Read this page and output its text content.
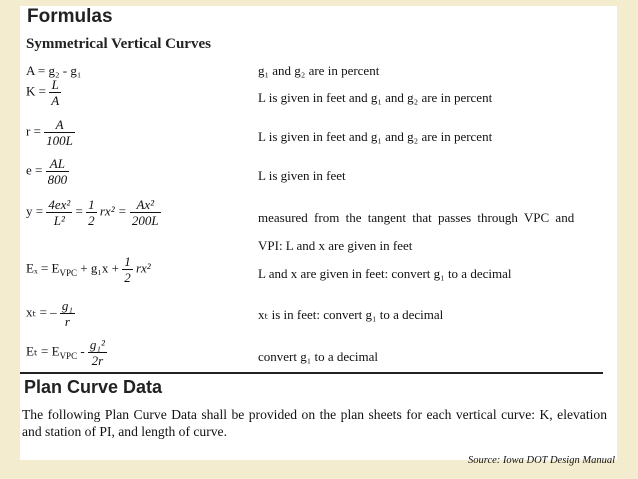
Formulas
Symmetrical Vertical Curves
A = g₂ - g₁	g₁ and g₂ are in percent
$K = \frac{L}{A}$	L is given in feet and g₁ and g₂ are in percent
$r = \frac{A}{100L}$	L is given in feet and g₁ and g₂ are in percent
$e = \frac{AL}{800}$	L is given in feet
$y = \frac{\text{4ex²}}{\text{L²}} = \frac{1}{2} rx^2 = \frac{\text{Ax²}}{200L}$	measured from the tangent that passes through VPC and
VPI: L and x are given in feet
$E_x = E_{VPC} + g_1x + \frac{1}{2} rx^2$	L and x are given in feet: convert g₁ to a decimal
xₜ = – $\frac{\text{g₁}}{r}$	xₜ is in feet: convert g₁ to a decimal
$E_t = E_{VPC} - \frac{\text{g₁²}}{2r}$	convert g₁ to a decimal
Plan Curve Data
The following Plan Curve Data shall be provided on the plan sheets for each vertical curve: K, elevation and station of PI, and length of curve.
Source: Iowa DOT Design Manual
